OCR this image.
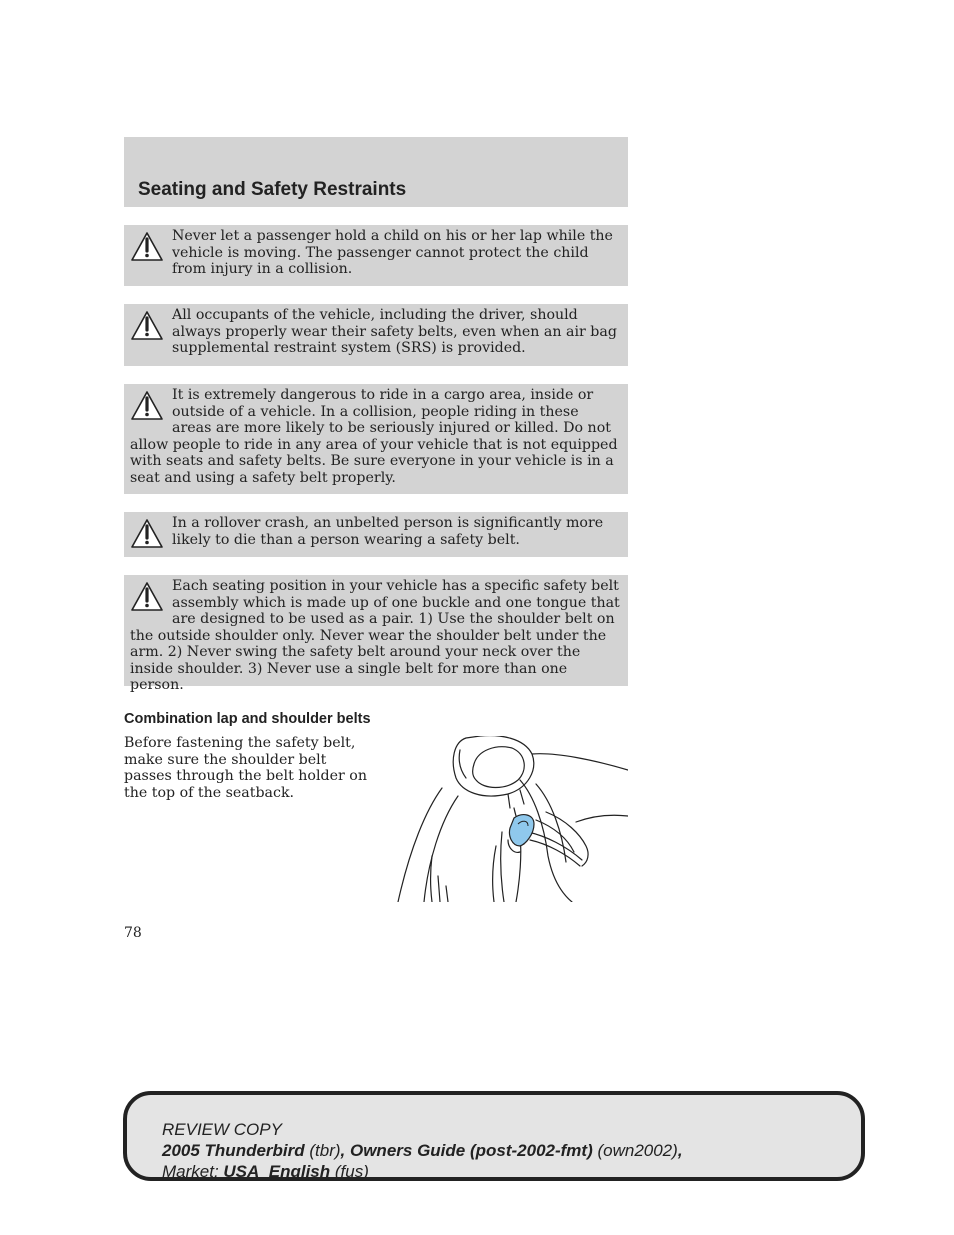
Seating and Safety Restraints
Never let a passenger hold a child on his or her lap while the vehicle is moving. The passenger cannot protect the child from injury in a collision.
All occupants of the vehicle, including the driver, should always properly wear their safety belts, even when an air bag supplemental restraint system (SRS) is provided.
It is extremely dangerous to ride in a cargo area, inside or outside of a vehicle. In a collision, people riding in these areas are more likely to be seriously injured or killed. Do not allow people to ride in any area of your vehicle that is not equipped with seats and safety belts. Be sure everyone in your vehicle is in a seat and using a safety belt properly.
In a rollover crash, an unbelted person is significantly more likely to die than a person wearing a safety belt.
Each seating position in your vehicle has a specific safety belt assembly which is made up of one buckle and one tongue that are designed to be used as a pair. 1) Use the shoulder belt on the outside shoulder only. Never wear the shoulder belt under the arm. 2) Never swing the safety belt around your neck over the inside shoulder. 3) Never use a single belt for more than one person.
Combination lap and shoulder belts

Before fastening the safety belt, make sure the shoulder belt passes through the belt holder on the top of the seatback.

78
REVIEW COPY
2005 Thunderbird (tbr), Owners Guide (post-2002-fmt) (own2002),
Market: USA_English (fus)
